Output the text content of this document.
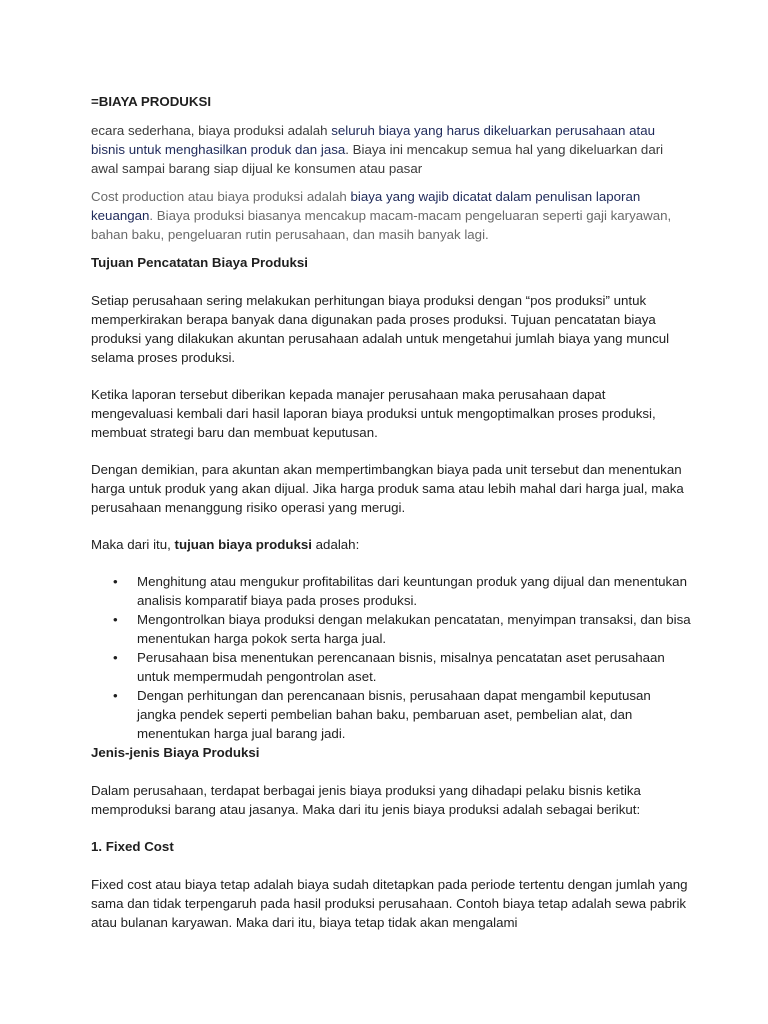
=BIAYA PRODUKSI

ecara sederhana, biaya produksi adalah seluruh biaya yang harus dikeluarkan perusahaan atau bisnis untuk menghasilkan produk dan jasa. Biaya ini mencakup semua hal yang dikeluarkan dari awal sampai barang siap dijual ke konsumen atau pasar

Cost production atau biaya produksi adalah biaya yang wajib dicatat dalam penulisan laporan keuangan. Biaya produksi biasanya mencakup macam-macam pengeluaran seperti gaji karyawan, bahan baku, pengeluaran rutin perusahaan, dan masih banyak lagi.

Tujuan Pencatatan Biaya Produksi

Setiap perusahaan sering melakukan perhitungan biaya produksi dengan “pos produksi” untuk memperkirakan berapa banyak dana digunakan pada proses produksi. Tujuan pencatatan biaya produksi yang dilakukan akuntan perusahaan adalah untuk mengetahui jumlah biaya yang muncul selama proses produksi.

Ketika laporan tersebut diberikan kepada manajer perusahaan maka perusahaan dapat mengevaluasi kembali dari hasil laporan biaya produksi untuk mengoptimalkan proses produksi, membuat strategi baru dan membuat keputusan.

Dengan demikian, para akuntan akan mempertimbangkan biaya pada unit tersebut dan menentukan harga untuk produk yang akan dijual. Jika harga produk sama atau lebih mahal dari harga jual, maka perusahaan menanggung risiko operasi yang merugi.

Maka dari itu, tujuan biaya produksi adalah:

• Menghitung atau mengukur profitabilitas dari keuntungan produk yang dijual dan menentukan analisis komparatif biaya pada proses produksi.
• Mengontrolkan biaya produksi dengan melakukan pencatatan, menyimpan transaksi, dan bisa menentukan harga pokok serta harga jual.
• Perusahaan bisa menentukan perencanaan bisnis, misalnya pencatatan aset perusahaan untuk mempermudah pengontrolan aset.
• Dengan perhitungan dan perencanaan bisnis, perusahaan dapat mengambil keputusan jangka pendek seperti pembelian bahan baku, pembaruan aset, pembelian alat, dan menentukan harga jual barang jadi.

Jenis-jenis Biaya Produksi

Dalam perusahaan, terdapat berbagai jenis biaya produksi yang dihadapi pelaku bisnis ketika memproduksi barang atau jasanya. Maka dari itu jenis biaya produksi adalah sebagai berikut:

1. Fixed Cost

Fixed cost atau biaya tetap adalah biaya sudah ditetapkan pada periode tertentu dengan jumlah yang sama dan tidak terpengaruh pada hasil produksi perusahaan. Contoh biaya tetap adalah sewa pabrik atau bulanan karyawan. Maka dari itu, biaya tetap tidak akan mengalami
